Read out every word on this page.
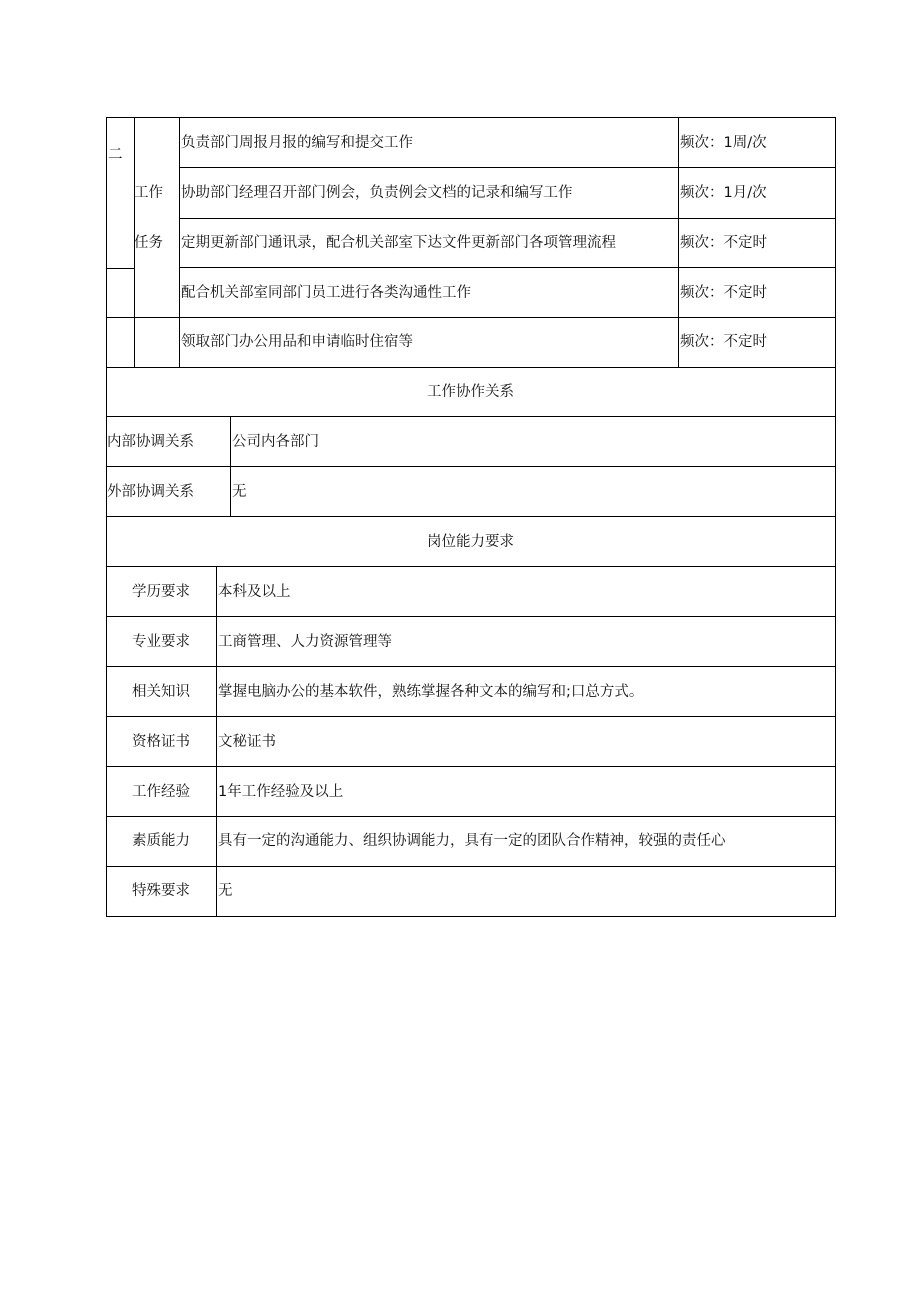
二
工作
任务
负责部门周报月报的编写和提交工作	频次：1周/次
协助部门经理召开部门例会，负责例会文档的记录和编写工作	频次：1月/次
定期更新部门通讯录，配合机关部室下达文件更新部门各项管理流程	频次：不定时
配合机关部室同部门员工进行各类沟通性工作	频次：不定时
领取部门办公用品和申请临时住宿等	频次：不定时
工作协作关系
内部协调关系	公司内各部门
外部协调关系	无
岗位能力要求
学历要求	本科及以上
专业要求	工商管理、人力资源管理等
相关知识	掌握电脑办公的基本软件，熟练掌握各种文本的编写和;口总方式。
资格证书	文秘证书
工作经验	1年工作经验及以上
素质能力	具有一定的沟通能力、组织协调能力，具有一定的团队合作精神，较强的责任心
特殊要求	无
